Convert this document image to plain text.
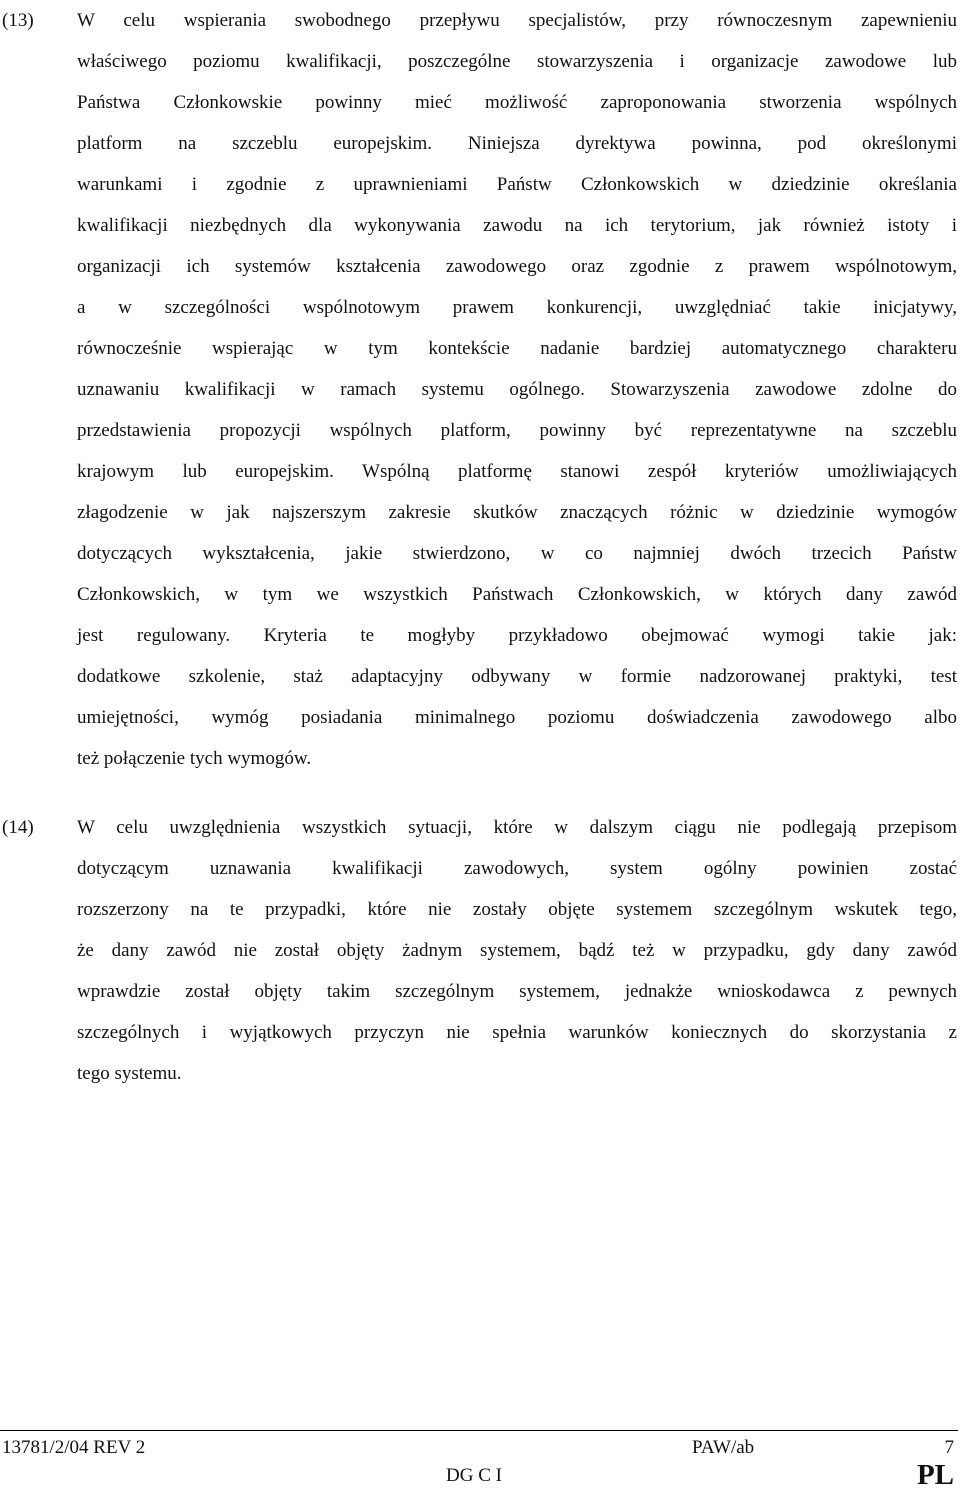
(13) W celu wspierania swobodnego przepływu specjalistów, przy równoczesnym zapewnieniu
właściwego poziomu kwalifikacji, poszczególne stowarzyszenia i organizacje zawodowe lub
Państwa Członkowskie powinny mieć możliwość zaproponowania stworzenia wspólnych
platform na szczeblu europejskim. Niniejsza dyrektywa powinna, pod określonymi
warunkami i zgodnie z uprawnieniami Państw Członkowskich w dziedzinie określania
kwalifikacji niezbędnych dla wykonywania zawodu na ich terytorium, jak również istoty i
organizacji ich systemów kształcenia zawodowego oraz zgodnie z prawem wspólnotowym,
a w szczególności wspólnotowym prawem konkurencji, uwzględniać takie inicjatywy,
równocześnie wspierając w tym kontekście nadanie bardziej automatycznego charakteru
uznawaniu kwalifikacji w ramach systemu ogólnego. Stowarzyszenia zawodowe zdolne do
przedstawienia propozycji wspólnych platform, powinny być reprezentatywne na szczeblu
krajowym lub europejskim. Wspólną platformę stanowi zespół kryteriów umożliwiających
złagodzenie w jak najszerszym zakresie skutków znaczących różnic w dziedzinie wymogów
dotyczących wykształcenia, jakie stwierdzono, w co najmniej dwóch trzecich Państw
Członkowskich, w tym we wszystkich Państwach Członkowskich, w których dany zawód
jest regulowany. Kryteria te mogłyby przykładowo obejmować wymogi takie jak:
dodatkowe szkolenie, staż adaptacyjny odbywany w formie nadzorowanej praktyki, test
umiejętności, wymóg posiadania minimalnego poziomu doświadczenia zawodowego albo
też połączenie tych wymogów.
(14) W celu uwzględnienia wszystkich sytuacji, które w dalszym ciągu nie podlegają przepisom
dotyczącym uznawania kwalifikacji zawodowych, system ogólny powinien zostać
rozszerzony na te przypadki, które nie zostały objęte systemem szczególnym wskutek tego,
że dany zawód nie został objęty żadnym systemem, bądź też w przypadku, gdy dany zawód
wprawdzie został objęty takim szczególnym systemem, jednakże wnioskodawca z pewnych
szczególnych i wyjątkowych przyczyn nie spełnia warunków koniecznych do skorzystania z
tego systemu.
13781/2/04 REV 2	PAW/ab	7
DG C I	PL
